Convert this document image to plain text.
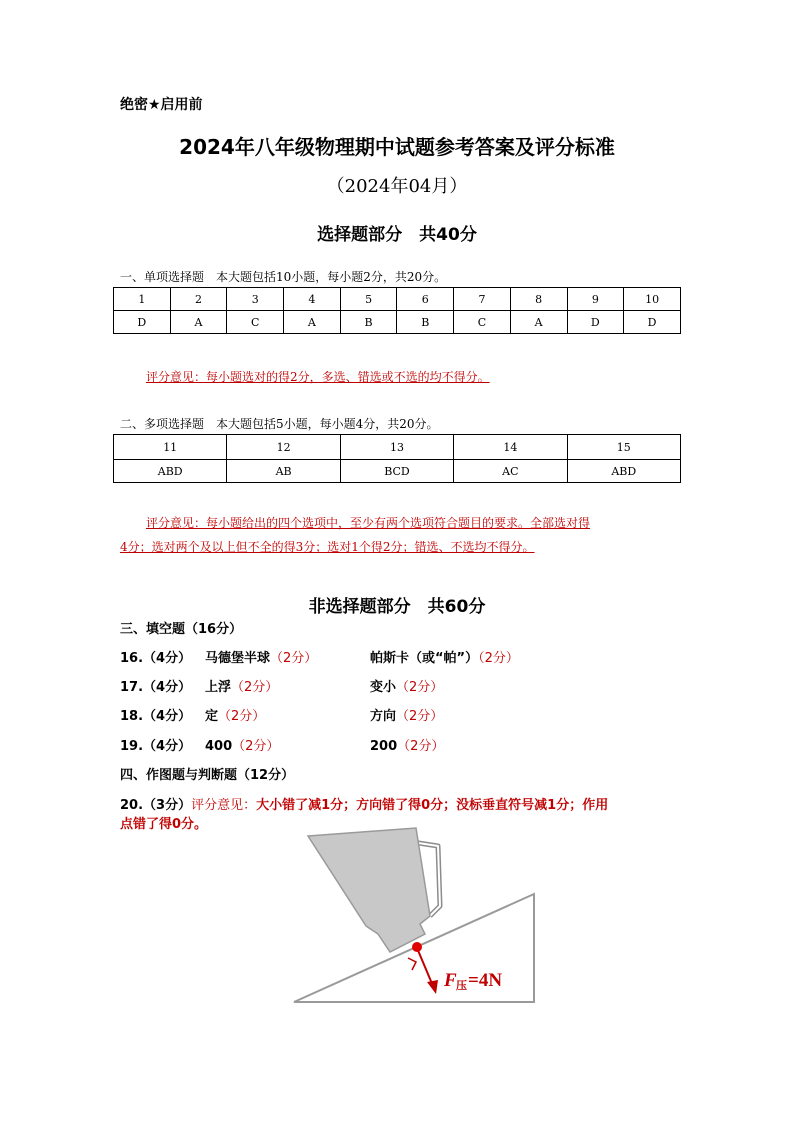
绝密★启用前
2024年八年级物理期中试题参考答案及评分标准
（2024年04月）
选择题部分　共40分
一、单项选择题　本大题包括10小题，每小题2分，共20分。
1	2	3	4	5	6	7	8	9	10
D	A	C	A	B	B	C	A	D	D
评分意见：每小题选对的得2分，多选、错选或不选的均不得分。
二、多项选择题　本大题包括5小题，每小题4分，共20分。
11	12	13	14	15
ABD	AB	BCD	AC	ABD
评分意见：每小题给出的四个选项中，至少有两个选项符合题目的要求。全部选对得
4分；选对两个及以上但不全的得3分；选对1个得2分；错选、不选均不得分。
非选择题部分　共60分
三、填空题（16分）
16.（4分） 马德堡半球（2分）	帕斯卡（或“帕”）（2分）
17.（4分） 上浮（2分）	变小（2分）
18.（4分） 定（2分）	方向（2分）
19.（4分） 400（2分）	200（2分）
四、作图题与判断题（12分）
20.（3分）评分意见：大小错了减1分；方向错了得0分；没标垂直符号减1分；作用
点错了得0分。
F 压 =4N
